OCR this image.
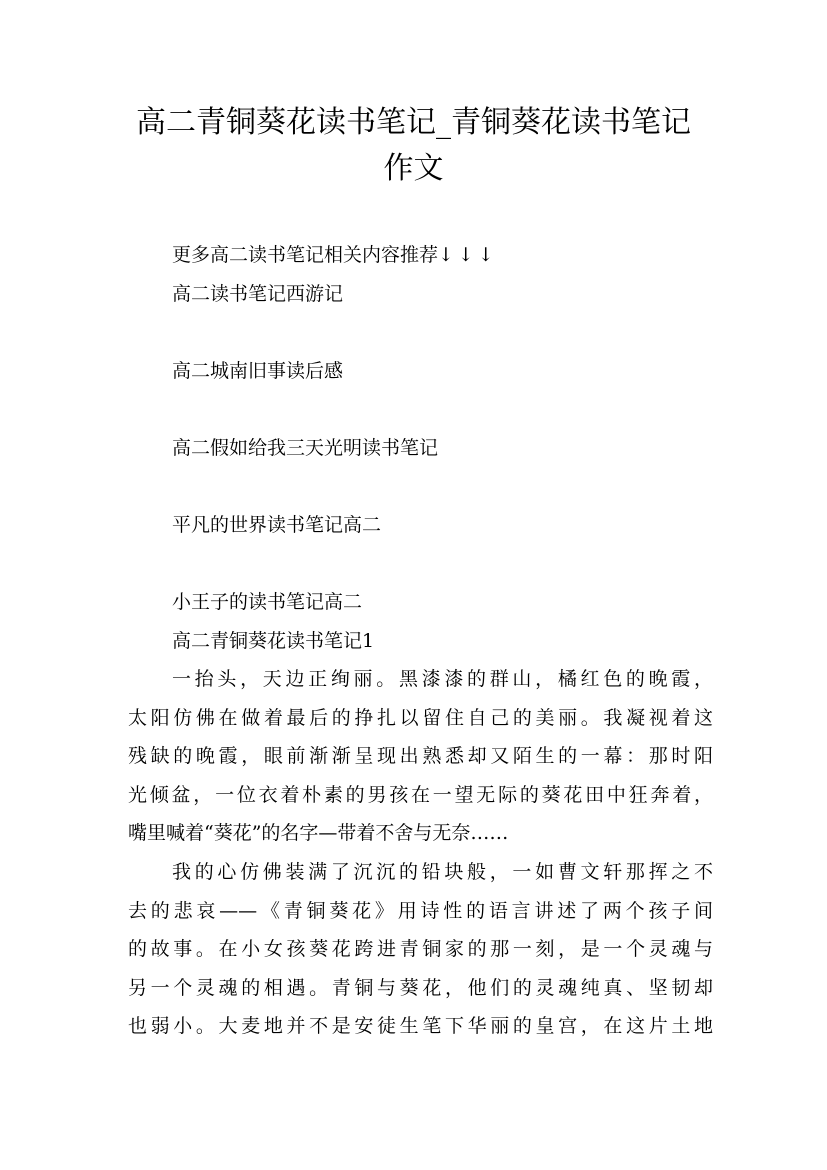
高二青铜葵花读书笔记_青铜葵花读书笔记
作文
更多高二读书笔记相关内容推荐↓↓↓
高二读书笔记西游记
高二城南旧事读后感
高二假如给我三天光明读书笔记
平凡的世界读书笔记高二
小王子的读书笔记高二
高二青铜葵花读书笔记1
一抬头，天边正绚丽。黑漆漆的群山，橘红色的晚霞，
太阳仿佛在做着最后的挣扎以留住自己的美丽。我凝视着这
残缺的晚霞，眼前渐渐呈现出熟悉却又陌生的一幕：那时阳
光倾盆，一位衣着朴素的男孩在一望无际的葵花田中狂奔着，
嘴里喊着“葵花”的名字—带着不舍与无奈……
我的心仿佛装满了沉沉的铅块般，一如曹文轩那挥之不
去的悲哀——《青铜葵花》用诗性的语言讲述了两个孩子间
的故事。在小女孩葵花跨进青铜家的那一刻，是一个灵魂与
另一个灵魂的相遇。青铜与葵花，他们的灵魂纯真、坚韧却
也弱小。大麦地并不是安徒生笔下华丽的皇宫，在这片土地
